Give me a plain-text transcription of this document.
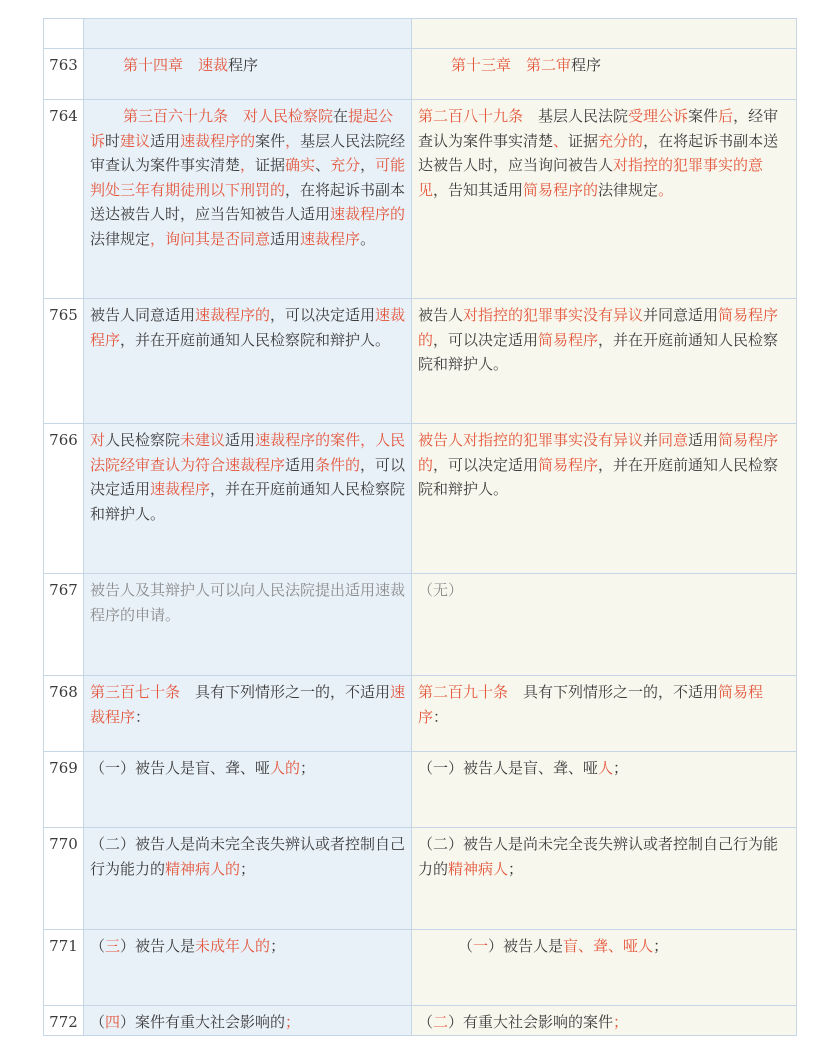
763	第十四章　速裁程序	第十三章　第二审程序
764	第三百六十九条　对人民检察院在提起公诉时建议适用速裁程序的案件，基层人民法院经审查认为案件事实清楚，证据确实、充分，可能判处三年有期徒刑以下刑罚的，在将起诉书副本送达被告人时，应当告知被告人适用速裁程序的法律规定，询问其是否同意适用速裁程序。	第二百八十九条　基层人民法院受理公诉案件后，经审查认为案件事实清楚、证据充分的，在将起诉书副本送达被告人时，应当询问被告人对指控的犯罪事实的意见，告知其适用简易程序的法律规定。
765	被告人同意适用速裁程序的，可以决定适用速裁程序，并在开庭前通知人民检察院和辩护人。	被告人对指控的犯罪事实没有异议并同意适用简易程序的，可以决定适用简易程序，并在开庭前通知人民检察院和辩护人。
766	对人民检察院未建议适用速裁程序的案件，人民法院经审查认为符合速裁程序适用条件的，可以决定适用速裁程序，并在开庭前通知人民检察院和辩护人。	被告人对指控的犯罪事实没有异议并同意适用简易程序的，可以决定适用简易程序，并在开庭前通知人民检察院和辩护人。
767	被告人及其辩护人可以向人民法院提出适用速裁程序的申请。	（无）
768	第三百七十条　具有下列情形之一的，不适用速裁程序：	第二百九十条　具有下列情形之一的，不适用简易程序：
769	（一）被告人是盲、聋、哑人的；	（一）被告人是盲、聋、哑人；
770	（二）被告人是尚未完全丧失辨认或者控制自己行为能力的精神病人的；	（二）被告人是尚未完全丧失辨认或者控制自己行为能力的精神病人；
771	（三）被告人是未成年人的；	（一）被告人是盲、聋、哑人；
772	（四）案件有重大社会影响的；	（二）有重大社会影响的案件；
